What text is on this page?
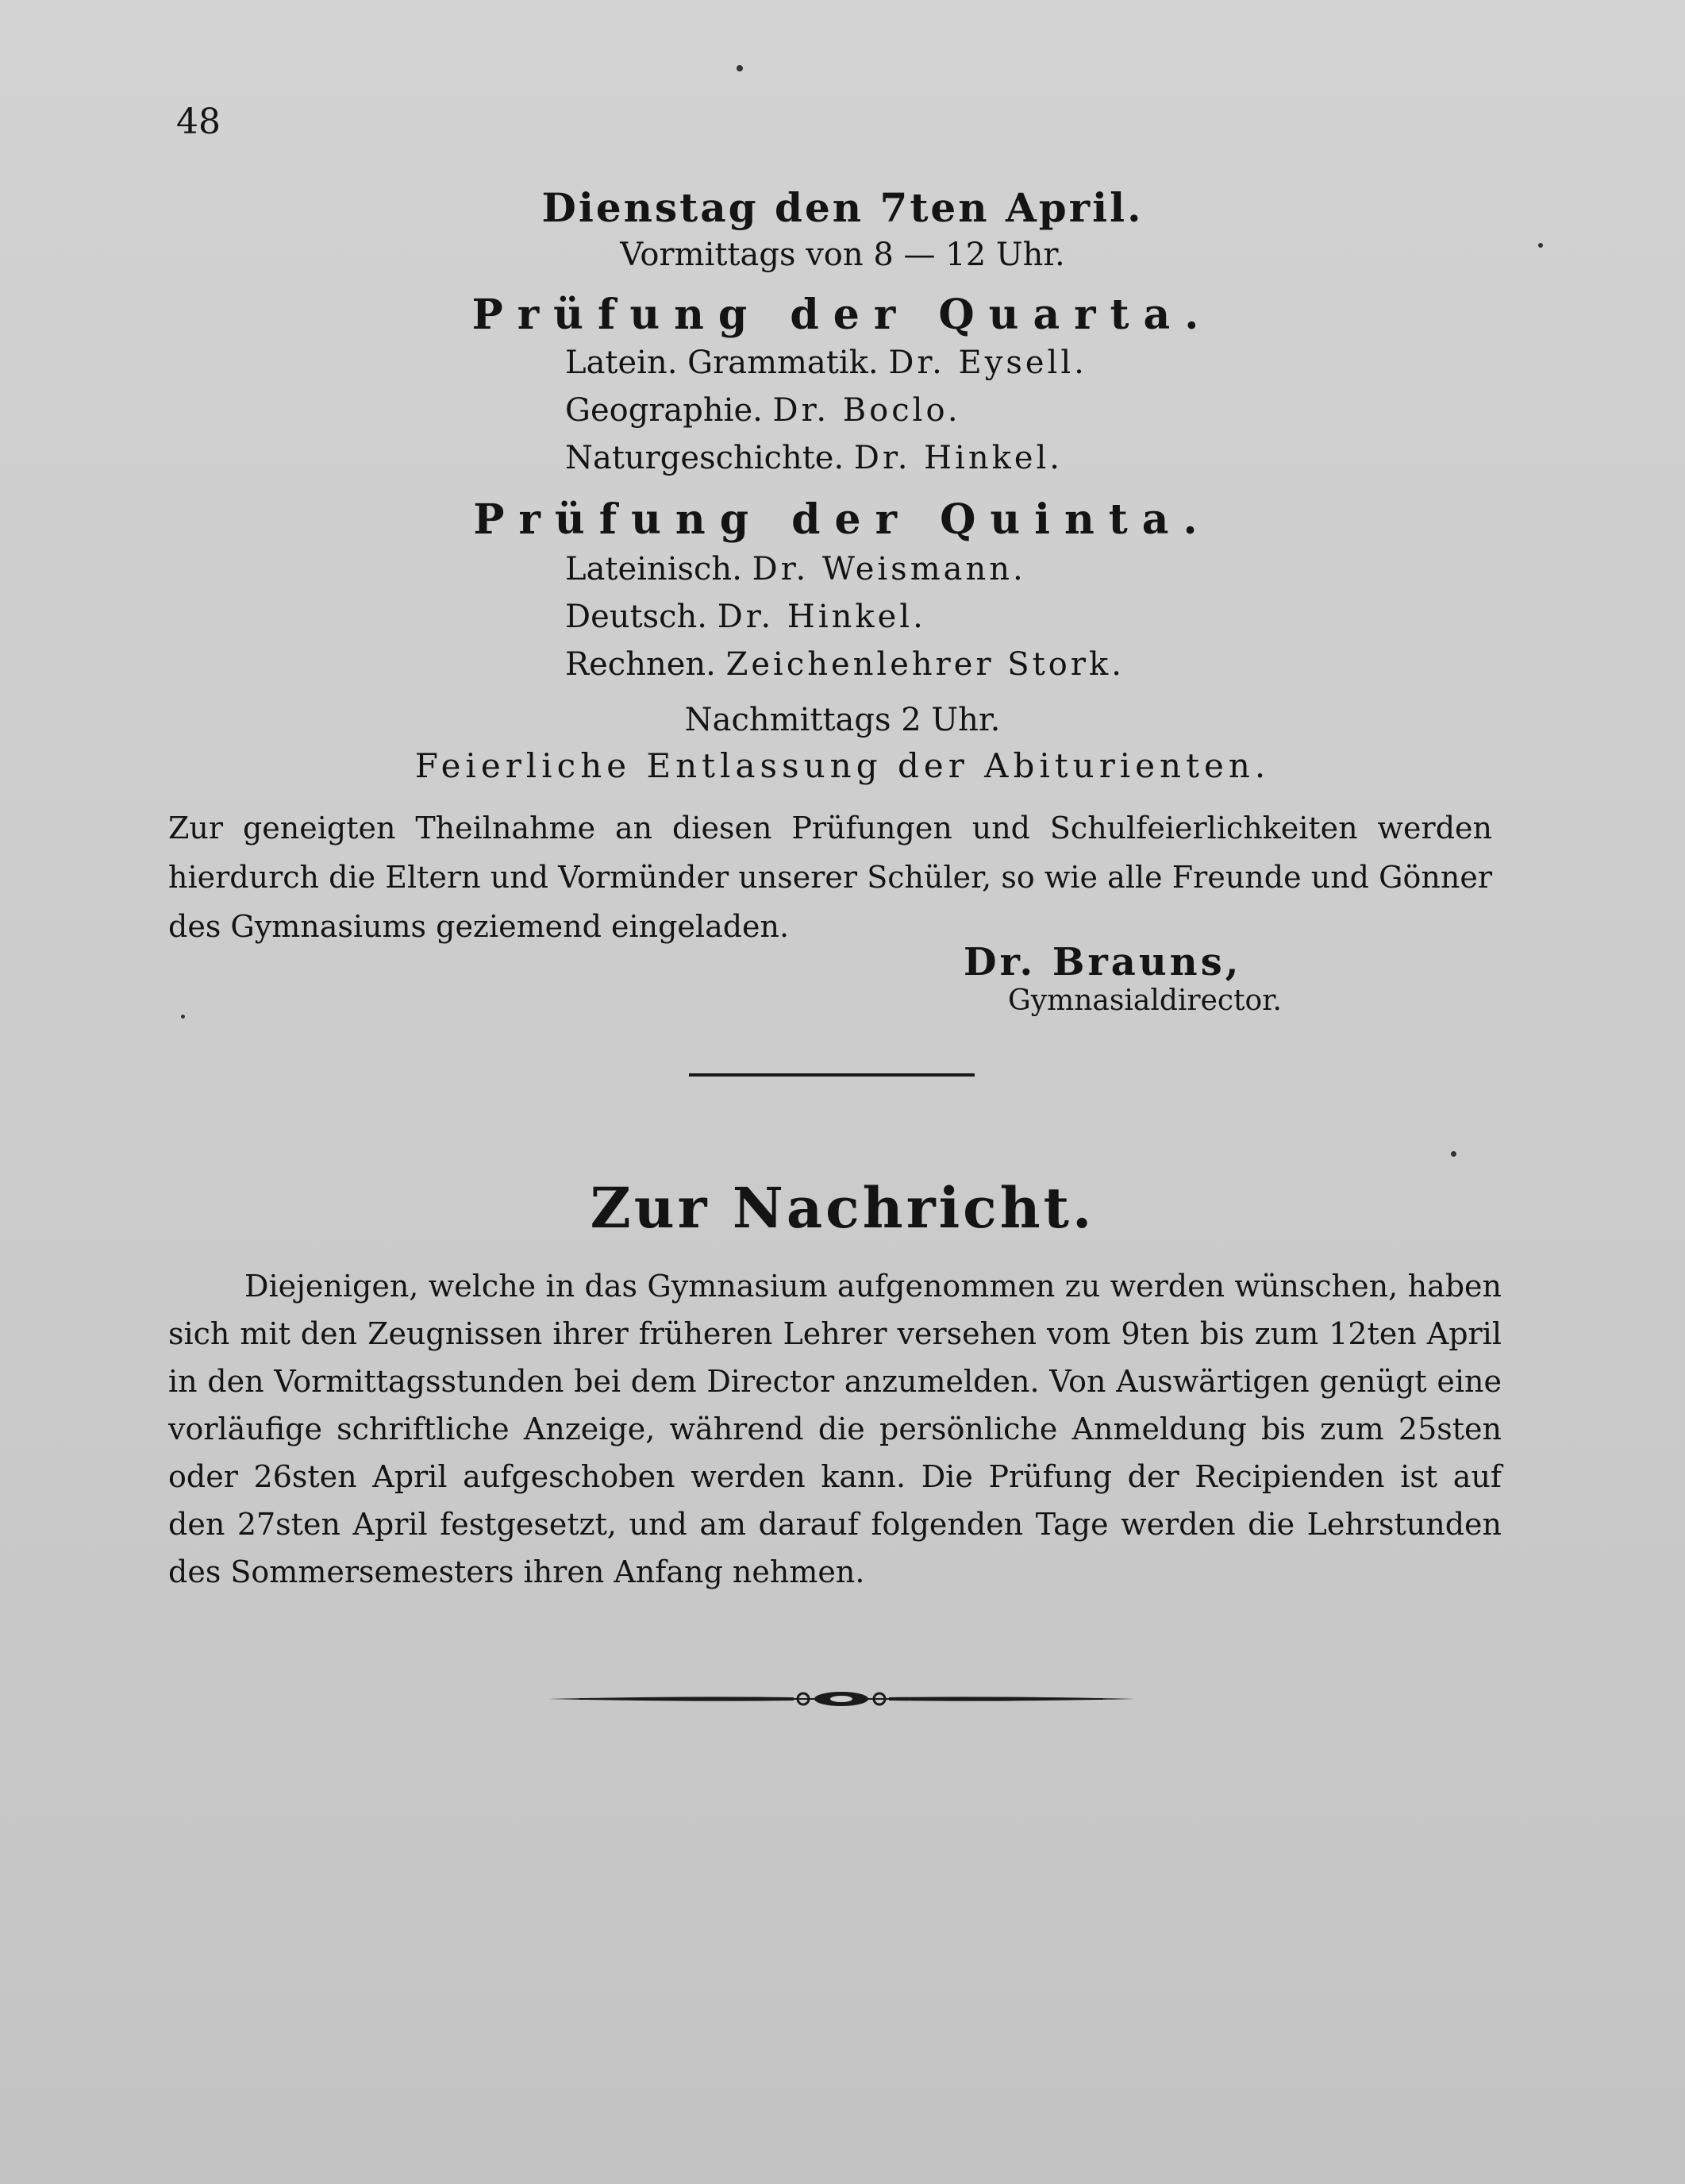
48
Dienstag den 7ten April.
Vormittags von 8 — 12 Uhr.
Prüfung der Quarta.
Latein. Grammatik. Dr. Eysell.
Geographie. Dr. Boclo.
Naturgeschichte. Dr. Hinkel.
Prüfung der Quinta.
Lateinisch. Dr. Weismann.
Deutsch. Dr. Hinkel.
Rechnen. Zeichenlehrer Stork.
Nachmittags 2 Uhr.
Feierliche Entlassung der Abiturienten.
Zur geneigten Theilnahme an diesen Prüfungen und Schulfeierlichkeiten werden hierdurch die Eltern und Vormünder unserer Schüler, so wie alle Freunde und Gönner des Gymnasiums geziemend eingeladen.
Dr. Brauns,
Gymnasialdirector.
Zur Nachricht.
Diejenigen, welche in das Gymnasium aufgenommen zu werden wünschen, haben sich mit den Zeugnissen ihrer früheren Lehrer versehen vom 9ten bis zum 12ten April in den Vormittagsstunden bei dem Director anzumelden. Von Auswärtigen genügt eine vorläufige schriftliche Anzeige, während die persönliche Anmeldung bis zum 25sten oder 26sten April aufgeschoben werden kann. Die Prüfung der Recipienden ist auf den 27sten April festgesetzt, und am darauf folgenden Tage werden die Lehrstunden des Sommersemesters ihren Anfang nehmen.
